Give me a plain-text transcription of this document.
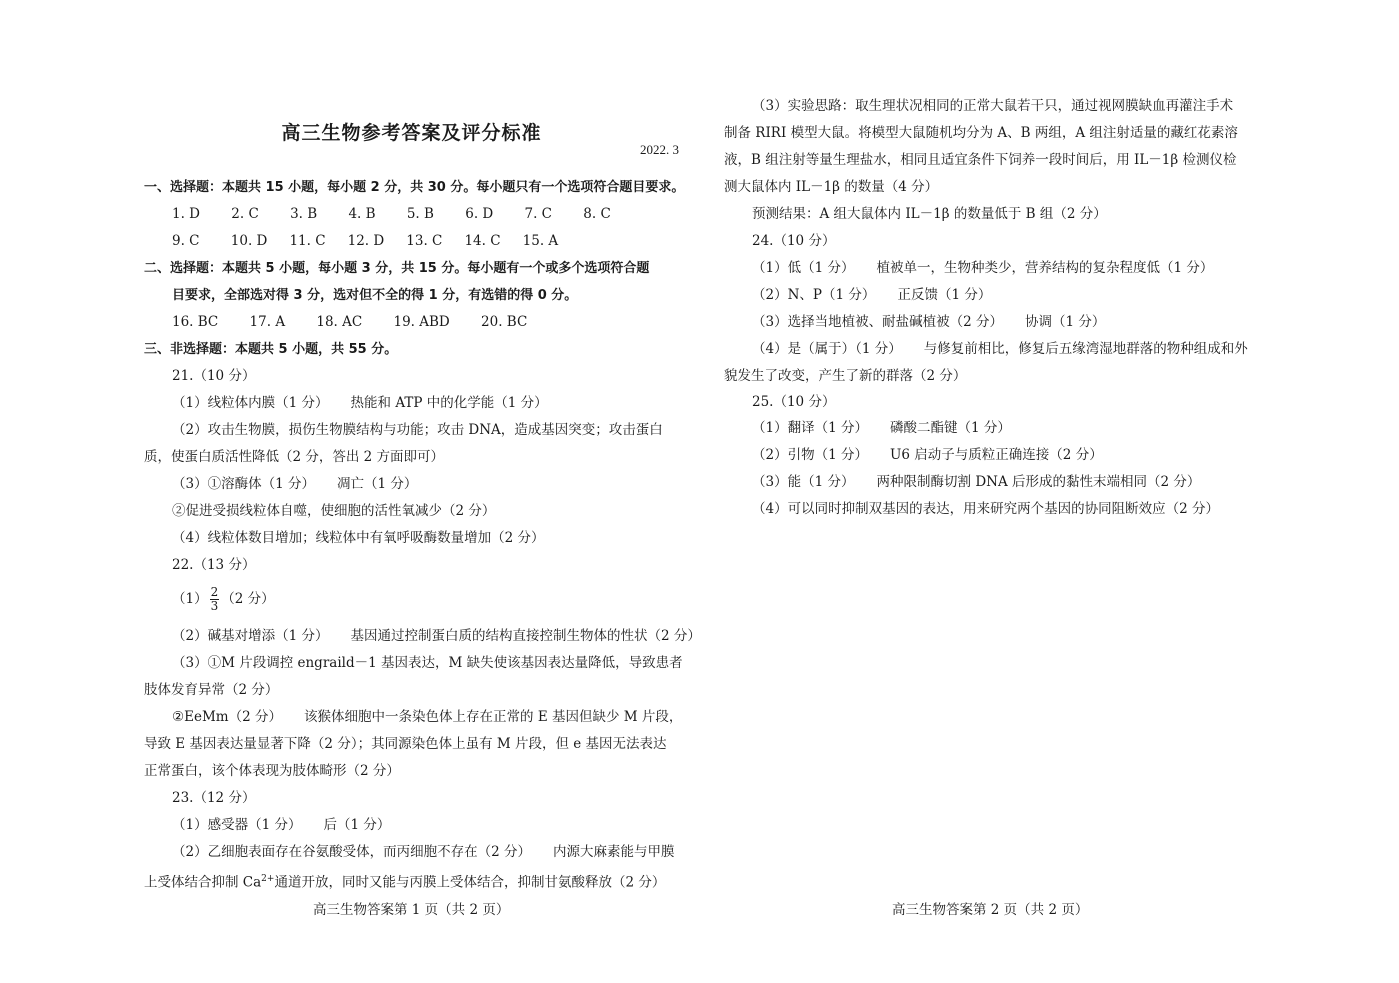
高三生物参考答案及评分标准
2022. 3
一、选择题：本题共 15 小题，每小题 2 分，共 30 分。每小题只有一个选项符合题目要求。
1. D 　　2. C 　　3. B 　　4. B 　　5. B 　　6. D 　　7. C 　　8. C
9. C 　　10. D 　 11. C 　 12. D 　 13. C 　 14. C 　 15. A
二、选择题：本题共 5 小题，每小题 3 分，共 15 分。每小题有一个或多个选项符合题
目要求，全部选对得 3 分，选对但不全的得 1 分，有选错的得 0 分。
16. BC 　　17. A 　　18. AC 　　19. ABD 　　20. BC
三、非选择题：本题共 5 小题，共 55 分。
21.（10 分）
（1）线粒体内膜（1 分） 　 热能和 ATP 中的化学能（1 分）
（2）攻击生物膜，损伤生物膜结构与功能；攻击 DNA，造成基因突变；攻击蛋白
质，使蛋白质活性降低（2 分，答出 2 方面即可）
（3）①溶酶体（1 分） 　 凋亡（1 分）
②促进受损线粒体自噬，使细胞的活性氧减少（2 分）
（4）线粒体数目增加；线粒体中有氧呼吸酶数量增加（2 分）
22.（13 分）
$(1) \frac{2}{3} (2$ 分）
（2）碱基对增添（1 分） 　 基因通过控制蛋白质的结构直接控制生物体的性状（2 分）
（3）①M 片段调控 engraild－1 基因表达，M 缺失使该基因表达量降低，导致患者
肢体发育异常（2 分）
②EeMm（2 分） 　 该猴体细胞中一条染色体上存在正常的 E 基因但缺少 M 片段，
导致 E 基因表达量显著下降（2 分）；其同源染色体上虽有 M 片段，但 e 基因无法表达
正常蛋白，该个体表现为肢体畸形（2 分）
23.（12 分）
（1）感受器（1 分） 　 后（1 分）
（2）乙细胞表面存在谷氨酸受体，而丙细胞不存在（2 分） 　 内源大麻素能与甲膜
上受体结合抑制 $Ca^{2+}$通道开放，同时又能与丙膜上受体结合，抑制甘氨酸释放（2 分）
高三生物答案第 1 页（共 2 页）
（3）实验思路：取生理状况相同的正常大鼠若干只，通过视网膜缺血再灌注手术
制备 RIRI 模型大鼠。将模型大鼠随机均分为 A、B 两组，A 组注射适量的藏红花素溶
液，B 组注射等量生理盐水，相同且适宜条件下饲养一段时间后，用 IL－1β 检测仪检
测大鼠体内 IL－1β 的数量（4 分）
预测结果：A 组大鼠体内 IL－1β 的数量低于 B 组（2 分）
24.（10 分）
（1）低（1 分） 　 植被单一，生物种类少，营养结构的复杂程度低（1 分）
（2）N、P（1 分） 　 正反馈（1 分）
（3）选择当地植被、耐盐碱植被（2 分） 　 协调（1 分）
（4）是（属于）（1 分） 　 与修复前相比，修复后五缘湾湿地群落的物种组成和外
貌发生了改变，产生了新的群落（2 分）
25.（10 分）
（1）翻译（1 分） 　 磷酸二酯键（1 分）
（2）引物（1 分） 　 U6 启动子与质粒正确连接（2 分）
（3）能（1 分） 　 两种限制酶切割 DNA 后形成的黏性末端相同（2 分）
（4）可以同时抑制双基因的表达，用来研究两个基因的协同阻断效应（2 分）
高三生物答案第 2 页（共 2 页）
